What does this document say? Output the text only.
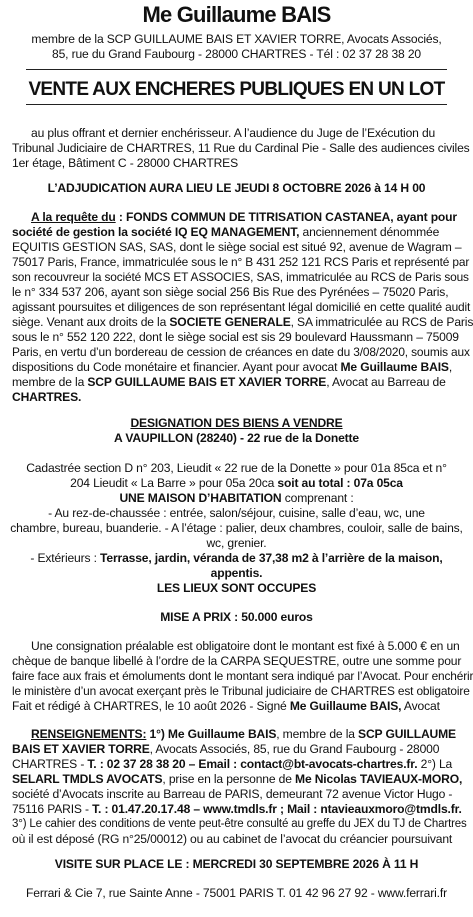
Me Guillaume BAIS
membre de la SCP GUILLAUME BAIS ET XAVIER TORRE, Avocats Associés,
85, rue du Grand Faubourg - 28000 CHARTRES - Tél : 02 37 28 38 20
VENTE AUX ENCHERES PUBLIQUES EN UN LOT
au plus offrant et dernier enchérisseur. A l’audience du Juge de l’Exécution du
Tribunal Judiciaire de CHARTRES, 11 Rue du Cardinal Pie - Salle des audiences civiles
1er étage, Bâtiment C - 28000 CHARTRES
L’ADJUDICATION AURA LIEU LE JEUDI 8 OCTOBRE 2026 à 14 H 00
A la requête du : FONDS COMMUN DE TITRISATION CASTANEA, ayant pour
société de gestion la société IQ EQ MANAGEMENT, anciennement dénommée
EQUITIS GESTION SAS, SAS, dont le siège social est situé 92, avenue de Wagram –
75017 Paris, France, immatriculée sous le n° B 431 252 121 RCS Paris et représenté par
son recouvreur la société MCS ET ASSOCIES, SAS, immatriculée au RCS de Paris sous
le n° 334 537 206, ayant son siège social 256 Bis Rue des Pyrénées – 75020 Paris,
agissant poursuites et diligences de son représentant légal domicilié en cette qualité audit
siège. Venant aux droits de la SOCIETE GENERALE, SA immatriculée au RCS de Paris
sous le n° 552 120 222, dont le siège social est sis 29 boulevard Haussmann – 75009
Paris, en vertu d’un bordereau de cession de créances en date du 3/08/2020, soumis aux
dispositions du Code monétaire et financier. Ayant pour avocat Me Guillaume BAIS,
membre de la SCP GUILLAUME BAIS ET XAVIER TORRE, Avocat au Barreau de
CHARTRES.
DESIGNATION DES BIENS A VENDRE
A VAUPILLON (28240) - 22 rue de la Donette
Cadastrée section D n° 203, Lieudit « 22 rue de la Donette » pour 01a 85ca et n°
204 Lieudit « La Barre » pour 05a 20ca soit au total : 07a 05ca
UNE MAISON D’HABITATION comprenant :
- Au rez-de-chaussée : entrée, salon/séjour, cuisine, salle d’eau, wc, une
chambre, bureau, buanderie. - A l’étage : palier, deux chambres, couloir, salle de bains,
wc, grenier.
- Extérieurs : Terrasse, jardin, véranda de 37,38 m2 à l’arrière de la maison,
appentis.
LES LIEUX SONT OCCUPES
MISE A PRIX : 50.000 euros
Une consignation préalable est obligatoire dont le montant est fixé à 5.000 € en un
chèque de banque libellé à l’ordre de la CARPA SEQUESTRE, outre une somme pour
faire face aux frais et émoluments dont le montant sera indiqué par l’Avocat. Pour enchérir
le ministère d’un avocat exerçant près le Tribunal judiciaire de CHARTRES est obligatoire
Fait et rédigé à CHARTRES, le 10 août 2026 - Signé Me Guillaume BAIS, Avocat
RENSEIGNEMENTS: 1°) Me Guillaume BAIS, membre de la SCP GUILLAUME
BAIS ET XAVIER TORRE, Avocats Associés, 85, rue du Grand Faubourg - 28000
CHARTRES - T. : 02 37 28 38 20 – Email : contact@bt-avocats-chartres.fr. 2°) La
SELARL TMDLS AVOCATS, prise en la personne de Me Nicolas TAVIEAUX-MORO,
société d’Avocats inscrite au Barreau de PARIS, demeurant 72 avenue Victor Hugo -
75116 PARIS - T. : 01.47.20.17.48 – www.tmdls.fr ; Mail : ntavieauxmoro@tmdls.fr.
3°) Le cahier des conditions de vente peut-être consulté au greffe du JEX du TJ de Chartres
où il est déposé (RG n°25/00012) ou au cabinet de l’avocat du créancier poursuivant
VISITE SUR PLACE LE : MERCREDI 30 SEPTEMBRE 2026 À 11 H
Ferrari & Cie 7, rue Sainte Anne - 75001 PARIS T. 01 42 96 27 92 - www.ferrari.fr
